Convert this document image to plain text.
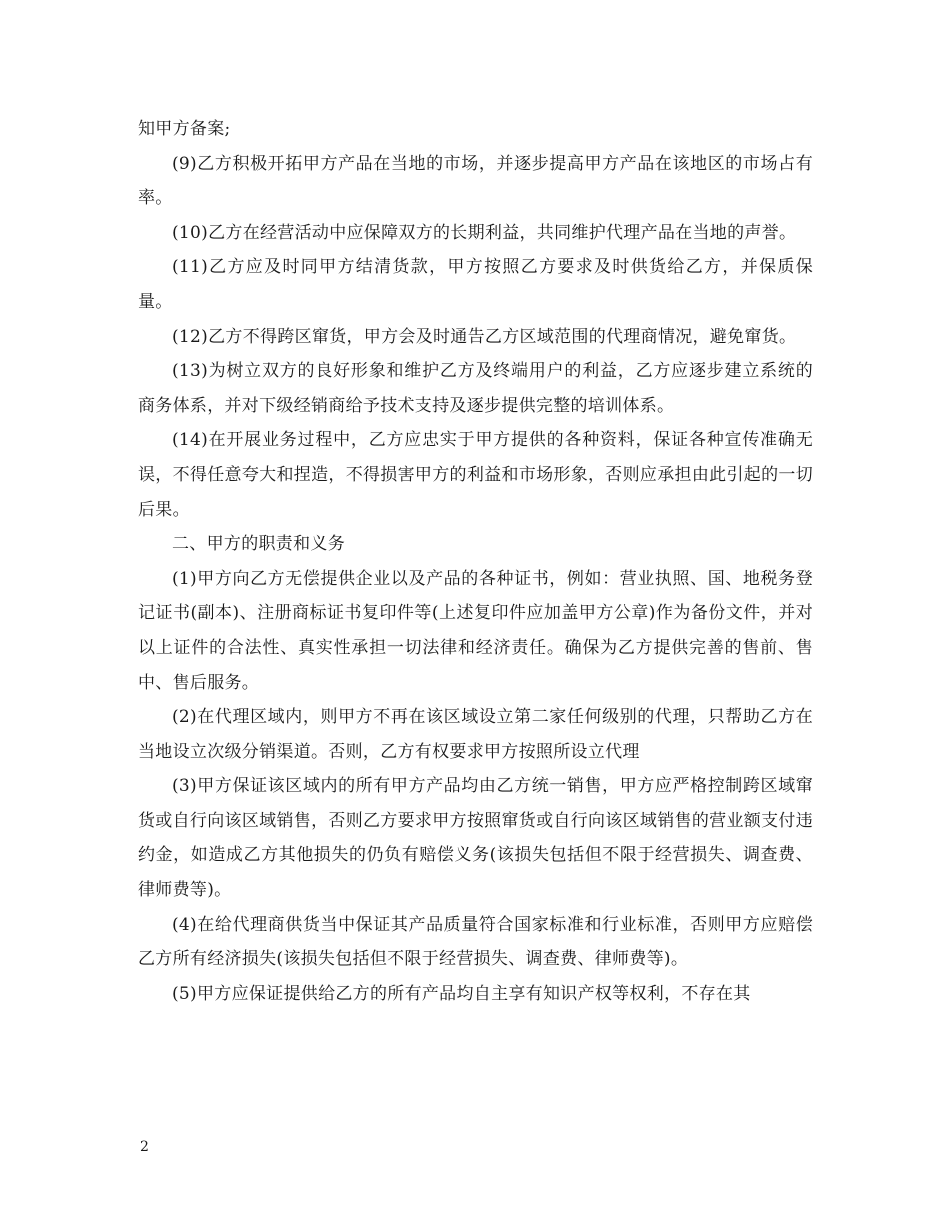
知甲方备案;

(9)乙方积极开拓甲方产品在当地的市场，并逐步提高甲方产品在该地区的市场占有率。

(10)乙方在经营活动中应保障双方的长期利益，共同维护代理产品在当地的声誉。

(11)乙方应及时同甲方结清货款，甲方按照乙方要求及时供货给乙方，并保质保量。

(12)乙方不得跨区窜货，甲方会及时通告乙方区域范围的代理商情况，避免窜货。

(13)为树立双方的良好形象和维护乙方及终端用户的利益，乙方应逐步建立系统的商务体系，并对下级经销商给予技术支持及逐步提供完整的培训体系。

(14)在开展业务过程中，乙方应忠实于甲方提供的各种资料，保证各种宣传准确无误，不得任意夸大和捏造，不得损害甲方的利益和市场形象，否则应承担由此引起的一切后果。

二、甲方的职责和义务

(1)甲方向乙方无偿提供企业以及产品的各种证书，例如：营业执照、国、地税务登记证书(副本)、注册商标证书复印件等(上述复印件应加盖甲方公章)作为备份文件，并对以上证件的合法性、真实性承担一切法律和经济责任。确保为乙方提供完善的售前、售中、售后服务。

(2)在代理区域内，则甲方不再在该区域设立第二家任何级别的代理，只帮助乙方在当地设立次级分销渠道。否则，乙方有权要求甲方按照所设立代理

(3)甲方保证该区域内的所有甲方产品均由乙方统一销售，甲方应严格控制跨区域窜货或自行向该区域销售，否则乙方要求甲方按照窜货或自行向该区域销售的营业额支付违约金，如造成乙方其他损失的仍负有赔偿义务(该损失包括但不限于经营损失、调查费、律师费等)。

(4)在给代理商供货当中保证其产品质量符合国家标准和行业标准，否则甲方应赔偿乙方所有经济损失(该损失包括但不限于经营损失、调查费、律师费等)。

(5)甲方应保证提供给乙方的所有产品均自主享有知识产权等权利，不存在其

2
